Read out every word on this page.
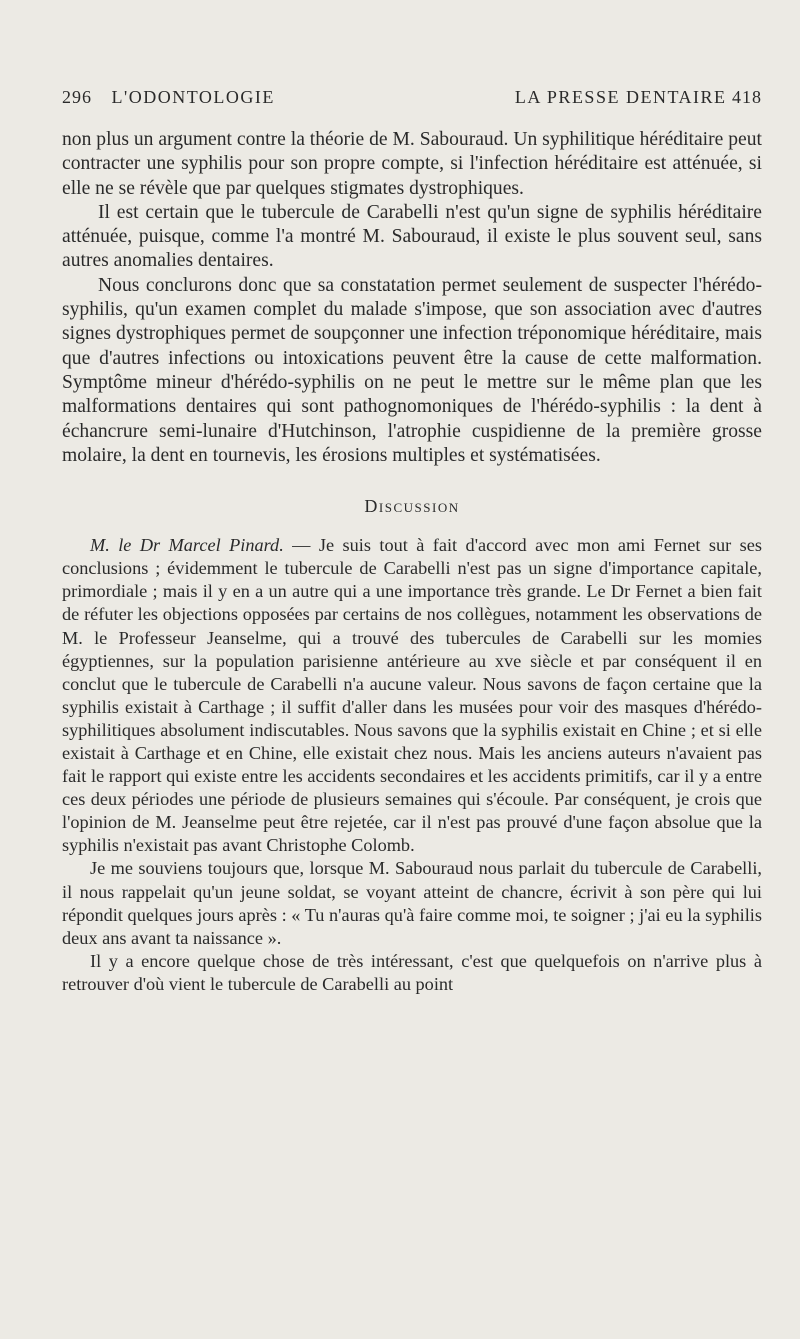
296 L'ODONTOLOGIE	LA PRESSE DENTAIRE 418

non plus un argument contre la théorie de M. Sabouraud. Un syphilitique héréditaire peut contracter une syphilis pour son propre compte, si l'infection héréditaire est atténuée, si elle ne se révèle que par quelques stigmates dystrophiques.

Il est certain que le tubercule de Carabelli n'est qu'un signe de syphilis héréditaire atténuée, puisque, comme l'a montré M. Sabouraud, il existe le plus souvent seul, sans autres anomalies dentaires.

Nous conclurons donc que sa constatation permet seulement de suspecter l'hérédo-syphilis, qu'un examen complet du malade s'impose, que son association avec d'autres signes dystrophiques permet de soupçonner une infection tréponomique héréditaire, mais que d'autres infections ou intoxications peuvent être la cause de cette malformation. Symptôme mineur d'hérédo-syphilis on ne peut le mettre sur le même plan que les malformations dentaires qui sont pathognomoniques de l'hérédo-syphilis : la dent à échancrure semi-lunaire d'Hutchinson, l'atrophie cuspidienne de la première grosse molaire, la dent en tournevis, les érosions multiples et systématisées.

Discussion

M. le Dr Marcel Pinard. — Je suis tout à fait d'accord avec mon ami Fernet sur ses conclusions ; évidemment le tubercule de Carabelli n'est pas un signe d'importance capitale, primordiale ; mais il y en a un autre qui a une importance très grande. Le Dr Fernet a bien fait de réfuter les objections opposées par certains de nos collègues, notamment les observations de M. le Professeur Jeanselme, qui a trouvé des tubercules de Carabelli sur les momies égyptiennes, sur la population parisienne antérieure au xve siècle et par conséquent il en conclut que le tubercule de Carabelli n'a aucune valeur. Nous savons de façon certaine que la syphilis existait à Carthage ; il suffit d'aller dans les musées pour voir des masques d'hérédo-syphilitiques absolument indiscutables. Nous savons que la syphilis existait en Chine ; et si elle existait à Carthage et en Chine, elle existait chez nous. Mais les anciens auteurs n'avaient pas fait le rapport qui existe entre les accidents secondaires et les accidents primitifs, car il y a entre ces deux périodes une période de plusieurs semaines qui s'écoule. Par conséquent, je crois que l'opinion de M. Jeanselme peut être rejetée, car il n'est pas prouvé d'une façon absolue que la syphilis n'existait pas avant Christophe Colomb.

Je me souviens toujours que, lorsque M. Sabouraud nous parlait du tubercule de Carabelli, il nous rappelait qu'un jeune soldat, se voyant atteint de chancre, écrivit à son père qui lui répondit quelques jours après : « Tu n'auras qu'à faire comme moi, te soigner ; j'ai eu la syphilis deux ans avant ta naissance ».

Il y a encore quelque chose de très intéressant, c'est que quelquefois on n'arrive plus à retrouver d'où vient le tubercule de Carabelli au point
